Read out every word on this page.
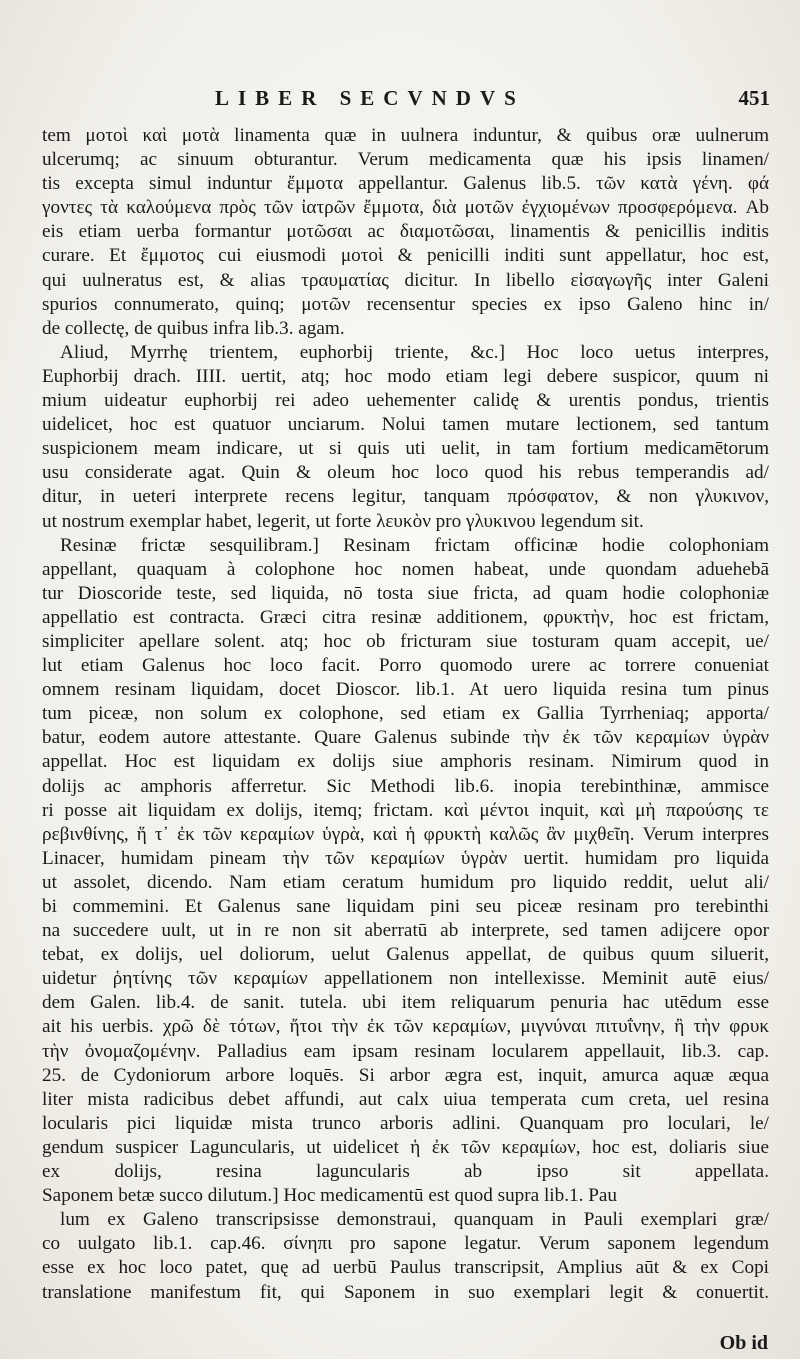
LIBER SECVNDVS	451
tem μοτοὶ καὶ μοτὰ linamenta quæ in uulnera induntur, & quibus oræ uulnerum
ulcerumq; ac sinuum obturantur. Verum medicamenta quæ his ipsis linamen/
tis excepta simul induntur ἔμμοτα appellantur. Galenus lib.5. τῶν κατὰ γένη. φά
γοντες τὰ καλούμενα πρὸς τῶν ἰατρῶν ἔμμοτα, διὰ μοτῶν ἐγχιομένων προσφερόμενα. Ab
eis etiam uerba formantur μοτῶσαι ac διαμοτῶσαι, linamentis & penicillis inditis
curare. Et ἔμμοτος cui eiusmodi μοτοὶ & penicilli inditi sunt appellatur, hoc est,
qui uulneratus est, & alias τραυματίας dicitur. In libello εἰσαγωγῆς inter Galeni
spurios connumerato, quinq; μοτῶν recensentur species ex ipso Galeno hinc in/
de collectę, de quibus infra lib.3. agam.
Aliud, Myrrhę trientem, euphorbij triente, &c.] Hoc loco uetus interpres,
Euphorbij drach. IIII. uertit, atq; hoc modo etiam legi debere suspicor, quum ni
mium uideatur euphorbij rei adeo uehementer calidę & urentis pondus, trientis
uidelicet, hoc est quatuor unciarum. Nolui tamen mutare lectionem, sed tantum
suspicionem meam indicare, ut si quis uti uelit, in tam fortium medicamētorum
usu considerate agat. Quin & oleum hoc loco quod his rebus temperandis ad/
ditur, in ueteri interprete recens legitur, tanquam πρόσφατον, & non γλυκινον,
ut nostrum exemplar habet, legerit, ut forte λευκὸν pro γλυκινου legendum sit.
Resinæ frictæ sesquilibram.] Resinam frictam officinæ hodie colophoniam
appellant, quaquam à colophone hoc nomen habeat, unde quondam aduehebā
tur Dioscoride teste, sed liquida, nō tosta siue fricta, ad quam hodie colophoniæ
appellatio est contracta. Græci citra resinæ additionem, φρυκτὴν, hoc est frictam,
simpliciter apellare solent. atq; hoc ob fricturam siue tosturam quam accepit, ue/
lut etiam Galenus hoc loco facit. Porro quomodo urere ac torrere conueniat
omnem resinam liquidam, docet Dioscor. lib.1. At uero liquida resina tum pinus
tum piceæ, non solum ex colophone, sed etiam ex Gallia Tyrrheniaq; apporta/
batur, eodem autore attestante. Quare Galenus subinde τὴν ἐκ τῶν κεραμίων ὑγρὰν
appellat. Hoc est liquidam ex dolijs siue amphoris resinam. Nimirum quod in
dolijs ac amphoris afferretur. Sic Methodi lib.6. inopia terebinthinæ, ammisce
ri posse ait liquidam ex dolijs, itemq; frictam. καὶ μέντοι inquit, καὶ μὴ παρούσης τε
ρεβινθίνης, ἥ τ᾽ ἐκ τῶν κεραμίων ὑγρὰ, καὶ ἡ φρυκτὴ καλῶς ἂν μιχθεῖη. Verum interpres
Linacer, humidam pineam τὴν τῶν κεραμίων ὑγρὰν uertit. humidam pro liquida
ut assolet, dicendo. Nam etiam ceratum humidum pro liquido reddit, uelut ali/
bi commemini. Et Galenus sane liquidam pini seu piceæ resinam pro terebinthi
na succedere uult, ut in re non sit aberratū ab interprete, sed tamen adijcere opor
tebat, ex dolijs, uel doliorum, uelut Galenus appellat, de quibus quum siluerit,
uidetur ῥητίνης τῶν κεραμίων appellationem non intellexisse. Meminit autē eius/
dem Galen. lib.4. de sanit. tutela. ubi item reliquarum penuria hac utēdum esse
ait his uerbis. χρῶ δὲ τότων, ἤτοι τὴν ἐκ τῶν κεραμίων, μιγνύναι πιτυΐνην, ἢ τὴν φρυκ
τὴν ὀνομαζομένην. Palladius eam ipsam resinam locularem appellauit, lib.3. cap.
25. de Cydoniorum arbore loquēs. Si arbor ægra est, inquit, amurca aquæ æqua
liter mista radicibus debet affundi, aut calx uiua temperata cum creta, uel resina
locularis pici liquidæ mista trunco arboris adlini. Quanquam pro loculari, le/
gendum suspicer Laguncularis, ut uidelicet ἡ ἐκ τῶν κεραμίων, hoc est, doliaris siue
ex dolijs, resina laguncularis ab ipso sit appellata.
Saponem betæ succo dilutum.] Hoc medicamentū est quod supra lib.1. Pau
lum ex Galeno transcripsisse demonstraui, quanquam in Pauli exemplari græ/
co uulgato lib.1. cap.46. σίνηπι pro sapone legatur. Verum saponem legendum
esse ex hoc loco patet, quę ad uerbū Paulus transcripsit, Amplius aūt & ex Copi
translatione manifestum fit, qui Saponem in suo exemplari legit & conuertit.
Ob id
